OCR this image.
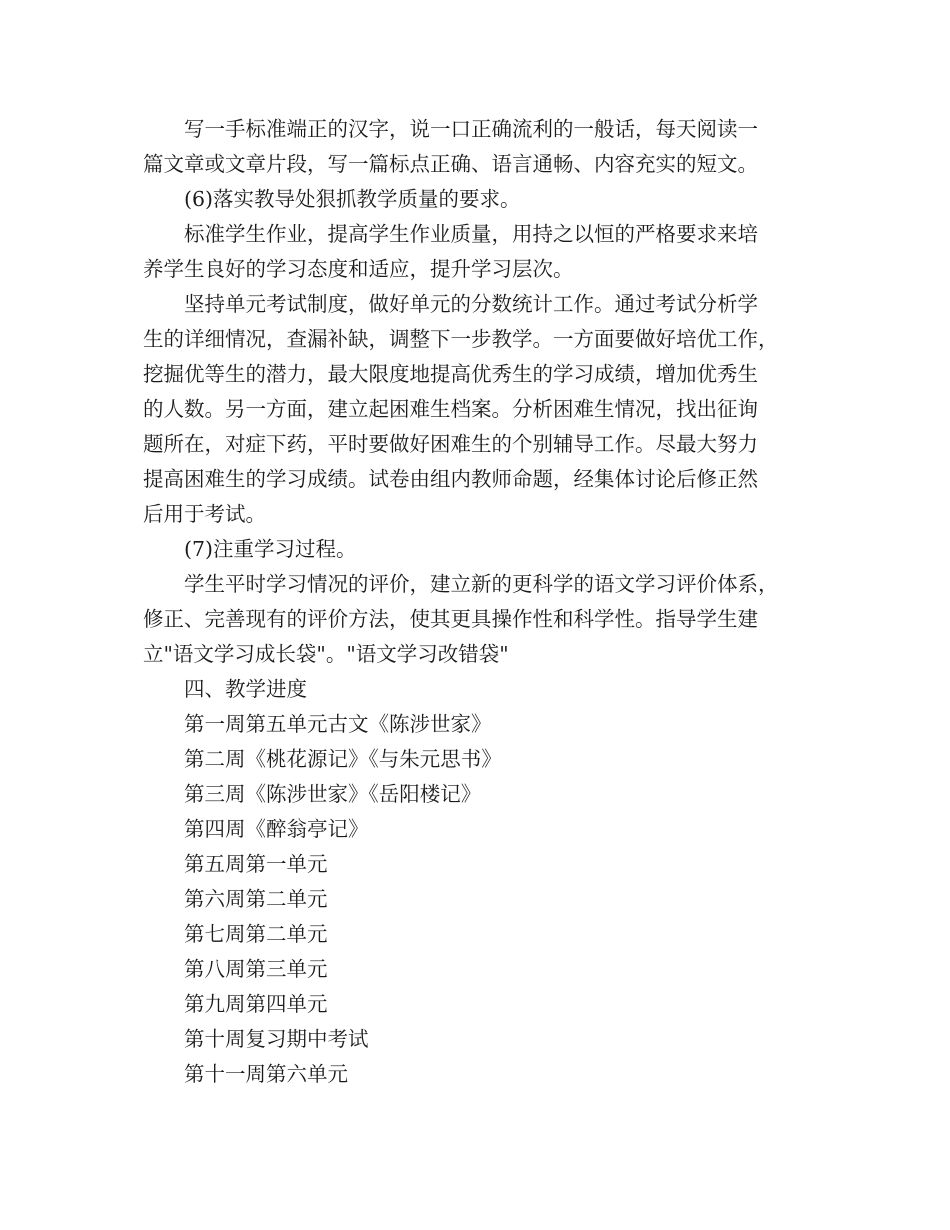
写一手标准端正的汉字，说一口正确流利的一般话，每天阅读一
篇文章或文章片段，写一篇标点正确、语言通畅、内容充实的短文。

(6)落实教导处狠抓教学质量的要求。

标准学生作业，提高学生作业质量，用持之以恒的严格要求来培
养学生良好的学习态度和适应，提升学习层次。

坚持单元考试制度，做好单元的分数统计工作。通过考试分析学
生的详细情况，查漏补缺，调整下一步教学。一方面要做好培优工作，
挖掘优等生的潜力，最大限度地提高优秀生的学习成绩，增加优秀生
的人数。另一方面，建立起困难生档案。分析困难生情况，找出征询
题所在，对症下药，平时要做好困难生的个别辅导工作。尽最大努力
提高困难生的学习成绩。试卷由组内教师命题，经集体讨论后修正然
后用于考试。

(7)注重学习过程。

学生平时学习情况的评价，建立新的更科学的语文学习评价体系，
修正、完善现有的评价方法，使其更具操作性和科学性。指导学生建
立"语文学习成长袋"。"语文学习改错袋"

四、教学进度

第一周第五单元古文《陈涉世家》

第二周《桃花源记》《与朱元思书》

第三周《陈涉世家》《岳阳楼记》

第四周《醉翁亭记》

第五周第一单元

第六周第二单元

第七周第二单元

第八周第三单元

第九周第四单元

第十周复习期中考试

第十一周第六单元
